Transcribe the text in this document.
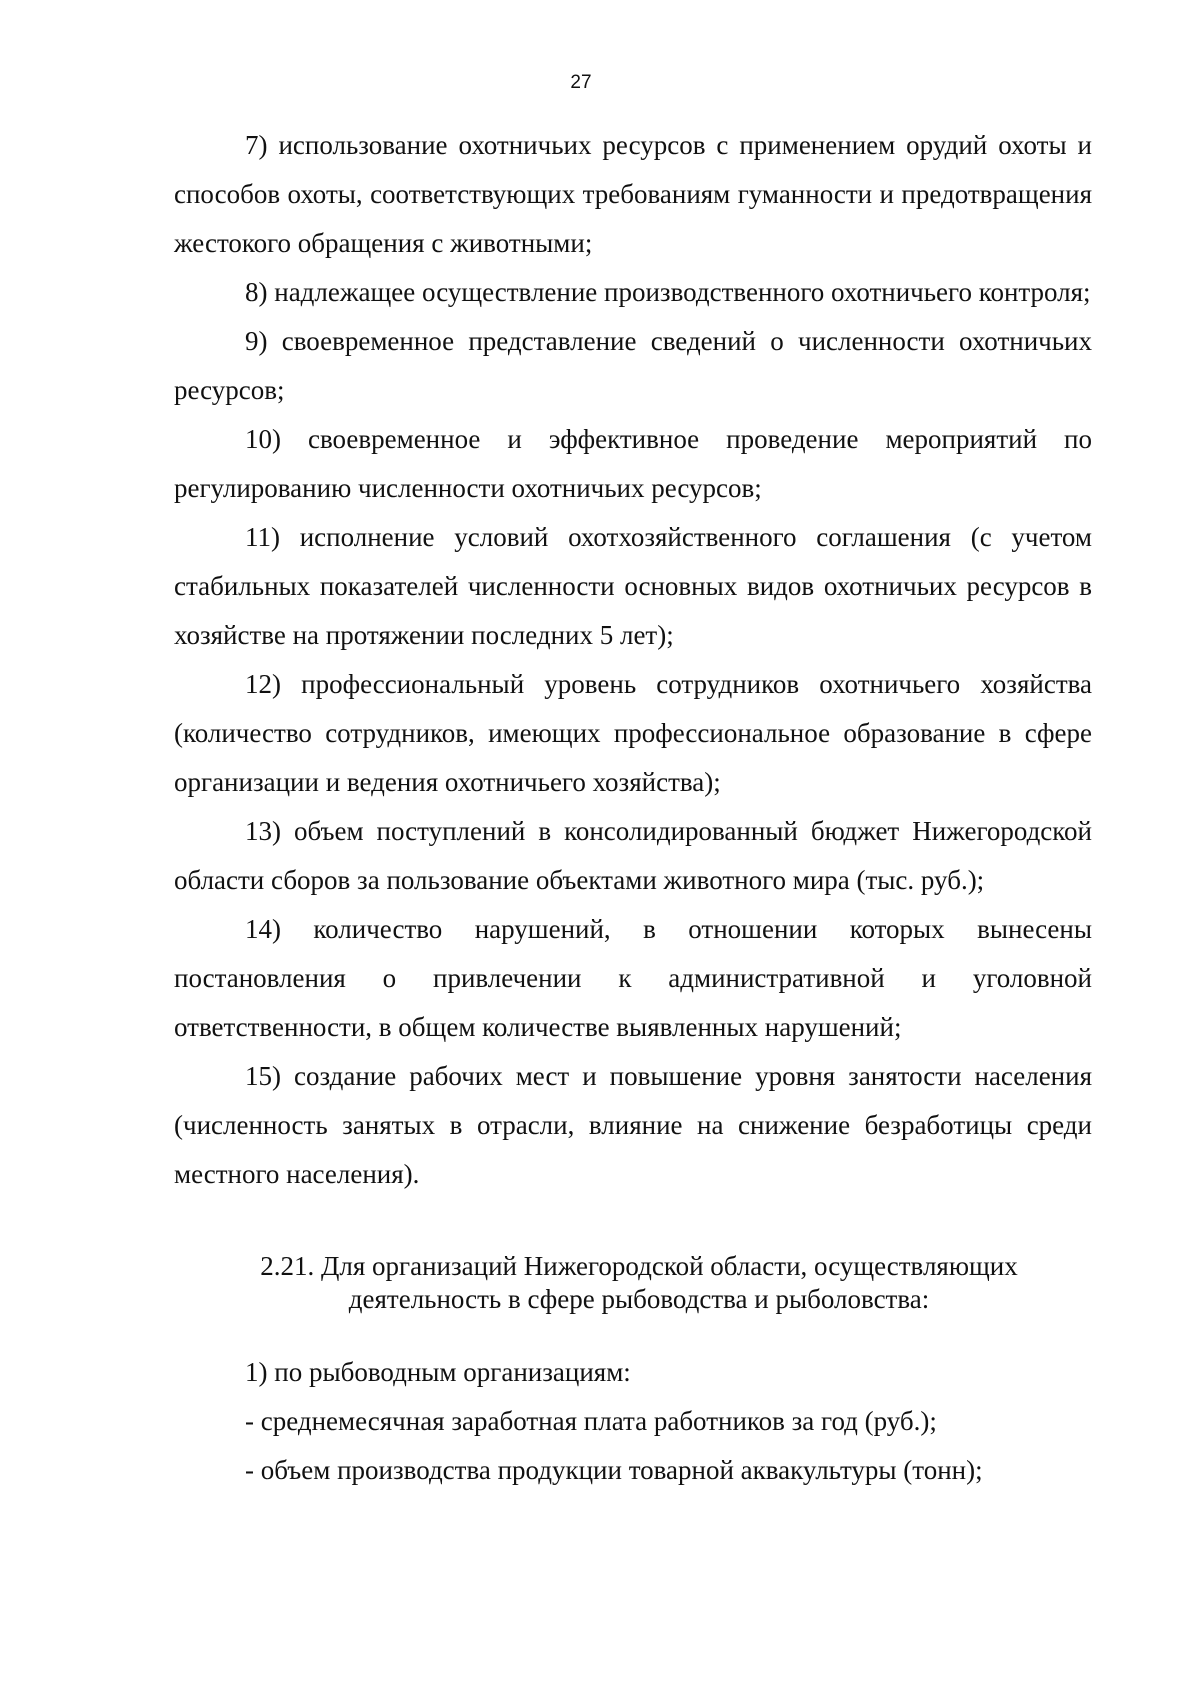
27

7) использование охотничьих ресурсов с применением орудий охоты и способов охоты, соответствующих требованиям гуманности и предотвращения жестокого обращения с животными;

8) надлежащее осуществление производственного охотничьего контроля;

9) своевременное представление сведений о численности охотничьих ресурсов;

10) своевременное и эффективное проведение мероприятий по регулированию численности охотничьих ресурсов;

11) исполнение условий охотхозяйственного соглашения (с учетом стабильных показателей численности основных видов охотничьих ресурсов в хозяйстве на протяжении последних 5 лет);

12) профессиональный уровень сотрудников охотничьего хозяйства (количество сотрудников, имеющих профессиональное образование в сфере организации и ведения охотничьего хозяйства);

13) объем поступлений в консолидированный бюджет Нижегородской области сборов за пользование объектами животного мира (тыс. руб.);

14) количество нарушений, в отношении которых вынесены постановления о привлечении к административной и уголовной ответственности, в общем количестве выявленных нарушений;

15) создание рабочих мест и повышение уровня занятости населения (численность занятых в отрасли, влияние на снижение безработицы среди местного населения).

2.21. Для организаций Нижегородской области, осуществляющих
деятельность в сфере рыбоводства и рыболовства:

1) по рыбоводным организациям:

- среднемесячная заработная плата работников за год (руб.);

- объем производства продукции товарной аквакультуры (тонн);
